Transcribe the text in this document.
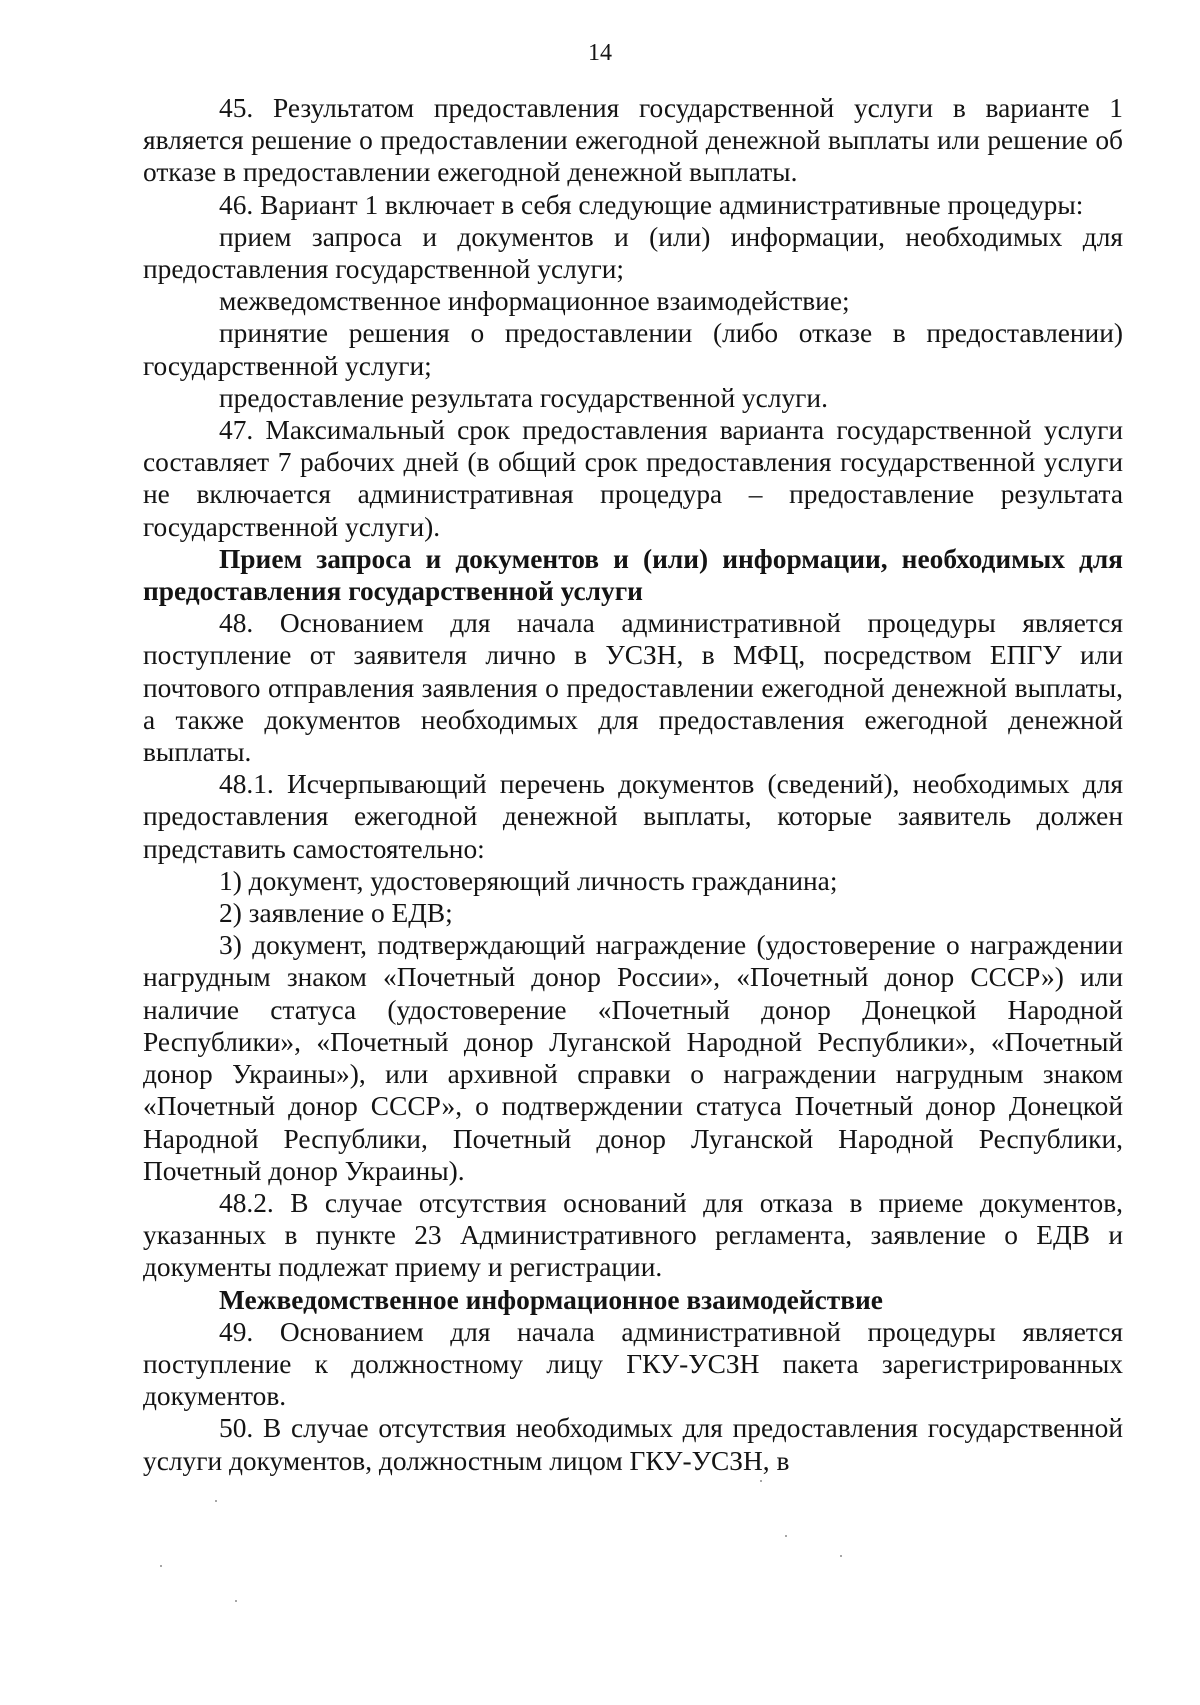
14

45. Результатом предоставления государственной услуги в варианте 1 является решение о предоставлении ежегодной денежной выплаты или решение об отказе в предоставлении ежегодной денежной выплаты.

46. Вариант 1 включает в себя следующие административные процедуры:

прием запроса и документов и (или) информации, необходимых для предоставления государственной услуги;

межведомственное информационное взаимодействие;

принятие решения о предоставлении (либо отказе в предоставлении) государственной услуги;

предоставление результата государственной услуги.

47. Максимальный срок предоставления варианта государственной услуги составляет 7 рабочих дней (в общий срок предоставления государственной услуги не включается административная процедура – предоставление результата государственной услуги).

Прием запроса и документов и (или) информации, необходимых для предоставления государственной услуги

48. Основанием для начала административной процедуры является поступление от заявителя лично в УСЗН, в МФЦ, посредством ЕПГУ или почтового отправления заявления о предоставлении ежегодной денежной выплаты, а также документов необходимых для предоставления ежегодной денежной выплаты.

48.1. Исчерпывающий перечень документов (сведений), необходимых для предоставления ежегодной денежной выплаты, которые заявитель должен представить самостоятельно:

1) документ, удостоверяющий личность гражданина;

2) заявление о ЕДВ;

3) документ, подтверждающий награждение (удостоверение о награждении нагрудным знаком «Почетный донор России», «Почетный донор СССР») или наличие статуса (удостоверение «Почетный донор Донецкой Народной Республики», «Почетный донор Луганской Народной Республики», «Почетный донор Украины»), или архивной справки о награждении нагрудным знаком «Почетный донор СССР», о подтверждении статуса Почетный донор Донецкой Народной Республики, Почетный донор Луганской Народной Республики, Почетный донор Украины).

48.2. В случае отсутствия оснований для отказа в приеме документов, указанных в пункте 23 Административного регламента, заявление о ЕДВ и документы подлежат приему и регистрации.

Межведомственное информационное взаимодействие

49. Основанием для начала административной процедуры является поступление к должностному лицу ГКУ-УСЗН пакета зарегистрированных документов.

50. В случае отсутствия необходимых для предоставления государственной услуги документов, должностным лицом ГКУ-УСЗН, в
